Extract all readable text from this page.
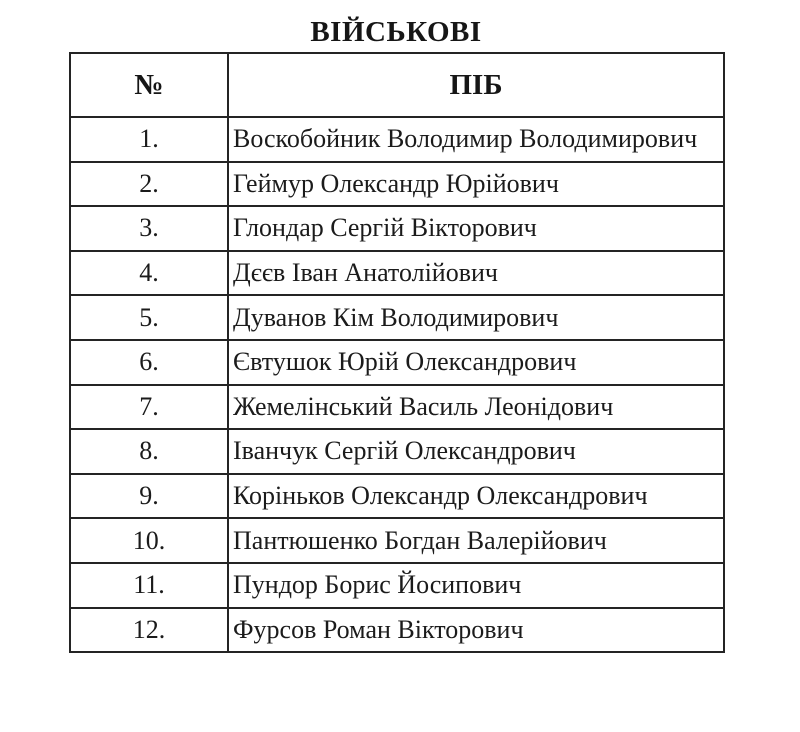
ВІЙСЬКОВІ
№	ПІБ
1.	Воскобойник Володимир Володимирович
2.	Геймур Олександр Юрійович
3.	Глондар Сергій Вікторович
4.	Дєєв Іван Анатолійович
5.	Дуванов Кім Володимирович
6.	Євтушок Юрій Олександрович
7.	Жемелінський Василь Леонідович
8.	Іванчук Сергій Олександрович
9.	Коріньков Олександр Олександрович
10.	Пантюшенко Богдан Валерійович
11.	Пундор Борис Йосипович
12.	Фурсов Роман Вікторович
